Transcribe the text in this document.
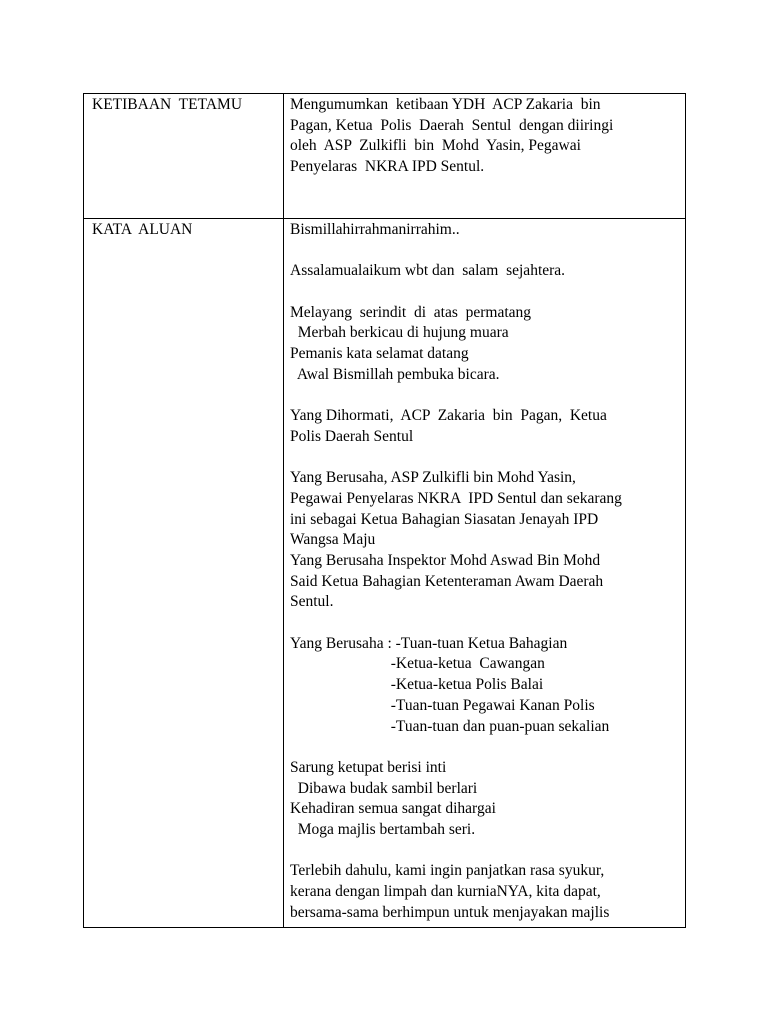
KETIBAAN  TETAMU	Mengumumkan  ketibaan YDH  ACP Zakaria  bin
Pagan, Ketua  Polis  Daerah  Sentul  dengan diiringi
oleh  ASP  Zulkifli  bin  Mohd  Yasin, Pegawai
Penyelaras  NKRA IPD Sentul.
KATA  ALUAN	Bismillahirrahmanirrahim..
Assalamualaikum wbt dan  salam  sejahtera.
Melayang  serindit  di  atas  permatang
Merbah berkicau di hujung muara
Pemanis kata selamat datang
Awal Bismillah pembuka bicara.
Yang Dihormati,  ACP  Zakaria  bin  Pagan,  Ketua
Polis Daerah Sentul
Yang Berusaha, ASP Zulkifli bin Mohd Yasin,
Pegawai Penyelaras NKRA  IPD Sentul dan sekarang
ini sebagai Ketua Bahagian Siasatan Jenayah IPD
Wangsa Maju
Yang Berusaha Inspektor Mohd Aswad Bin Mohd
Said Ketua Bahagian Ketenteraman Awam Daerah
Sentul.
Yang Berusaha : -Tuan-tuan Ketua Bahagian
-Ketua-ketua  Cawangan
-Ketua-ketua Polis Balai
-Tuan-tuan Pegawai Kanan Polis
-Tuan-tuan dan puan-puan sekalian
Sarung ketupat berisi inti
Dibawa budak sambil berlari
Kehadiran semua sangat dihargai
Moga majlis bertambah seri.
Terlebih dahulu, kami ingin panjatkan rasa syukur,
kerana dengan limpah dan kurniaNYA, kita dapat,
bersama-sama berhimpun untuk menjayakan majlis
